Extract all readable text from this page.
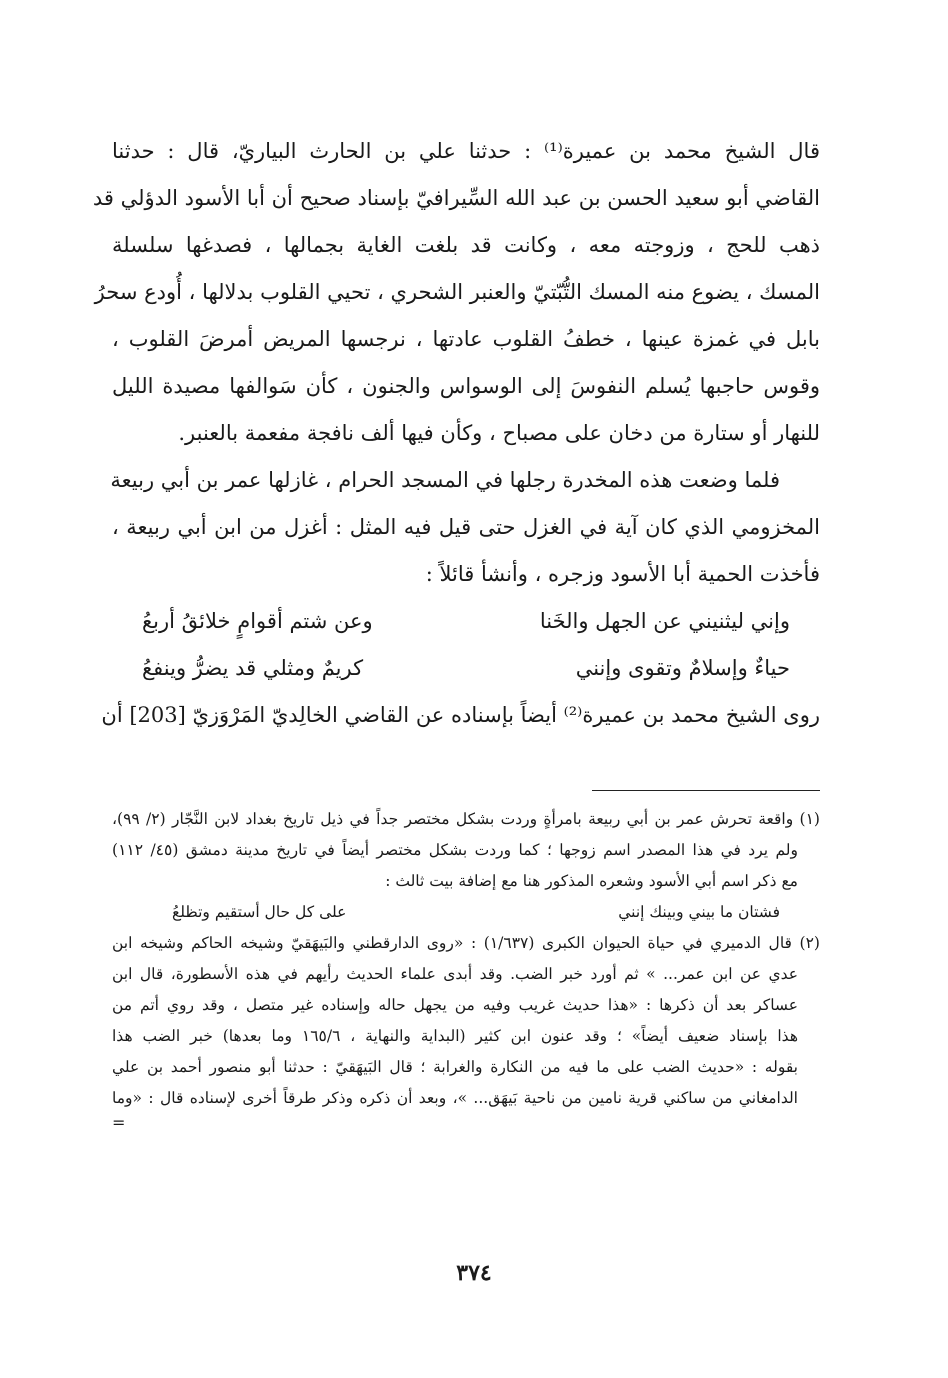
قال الشيخ محمد بن عميرة⁽¹⁾ : حدثنا علي بن الحارث البياريّ، قال : حدثنا
القاضي أبو سعيد الحسن بن عبد الله السِّيرافيّ بإسناد صحيح أن أبا الأسود الدؤلي قد
ذهب للحج ، وزوجته معه ، وكانت قد بلغت الغاية بجمالها ، فصدغها سلسلة
المسك ، يضوع منه المسك التُّبّتيّ والعنبر الشحري ، تحيي القلوب بدلالها ، أُودع سحرُ
بابل في غمزة عينها ، خطفُ القلوب عادتها ، نرجسها المريض أمرضَ القلوب ،
وقوس حاجبها يُسلم النفوسَ إلى الوسواس والجنون ، كأن سَوالفها مصيدة الليل
للنهار أو ستارة من دخان على مصباح ، وكأن فيها ألف نافجة مفعمة بالعنبر.
فلما وضعت هذه المخدرة رجلها في المسجد الحرام ، غازلها عمر بن أبي ربيعة
المخزومي الذي كان آية في الغزل حتى قيل فيه المثل : أغزل من ابن أبي ربيعة ،
فأخذت الحمية أبا الأسود وزجره ، وأنشأ قائلاً :
وإني ليثنيني عن الجهل والخَنا
وعن شتم أقوامٍ خلائقُ أربعُ
حياءٌ وإسلامٌ وتقوى وإنني
كريمٌ ومثلي قد يضرُّ وينفعُ
روى الشيخ محمد بن عميرة⁽²⁾ أيضاً بإسناده عن القاضي الخالِديّ المَرْوَزيّ [203] أن
(١) واقعة تحرش عمر بن أبي ربيعة بامرأةٍ وردت بشكل مختصر جداً في ذيل تاريخ بغداد لابن النَّجّار (٢/ ٩٩)،
ولم يرد في هذا المصدر اسم زوجها ؛ كما وردت بشكل مختصر أيضاً في تاريخ مدينة دمشق (٤٥/ ١١٢)
مع ذكر اسم أبي الأسود وشعره المذكور هنا مع إضافة بيت ثالث :
فشتان ما بيني وبينك إنني
على كل حال أستقيم وتظلعُ
(٢) قال الدميري في حياة الحيوان الكبرى (١/٦٣٧) : «روى الدارقطني والبَيهَقيّ وشيخه الحاكم وشيخه ابن
عدي عن ابن عمر... » ثم أورد خبر الضب. وقد أبدى علماء الحديث رأيهم في هذه الأسطورة، قال ابن
عساكر بعد أن ذكرها : «هذا حديث غريب وفيه من يجهل حاله وإسناده غير متصل ، وقد روي أتم من
هذا بإسناد ضعيف أيضاً» ؛ وقد عنون ابن كثير (البداية والنهاية ، ١٦٥/٦ وما بعدها) خبر الضب هذا
بقوله : «حديث الضب على ما فيه من النكارة والغرابة ؛ قال البَيهَقيّ : حدثنا أبو منصور أحمد بن علي
الدامغاني من ساكني قرية نامين من ناحية بَيهَق... »، وبعد أن ذكره وذكر طرقاً أخرى لإسناده قال : «وما
=
٣٧٤
